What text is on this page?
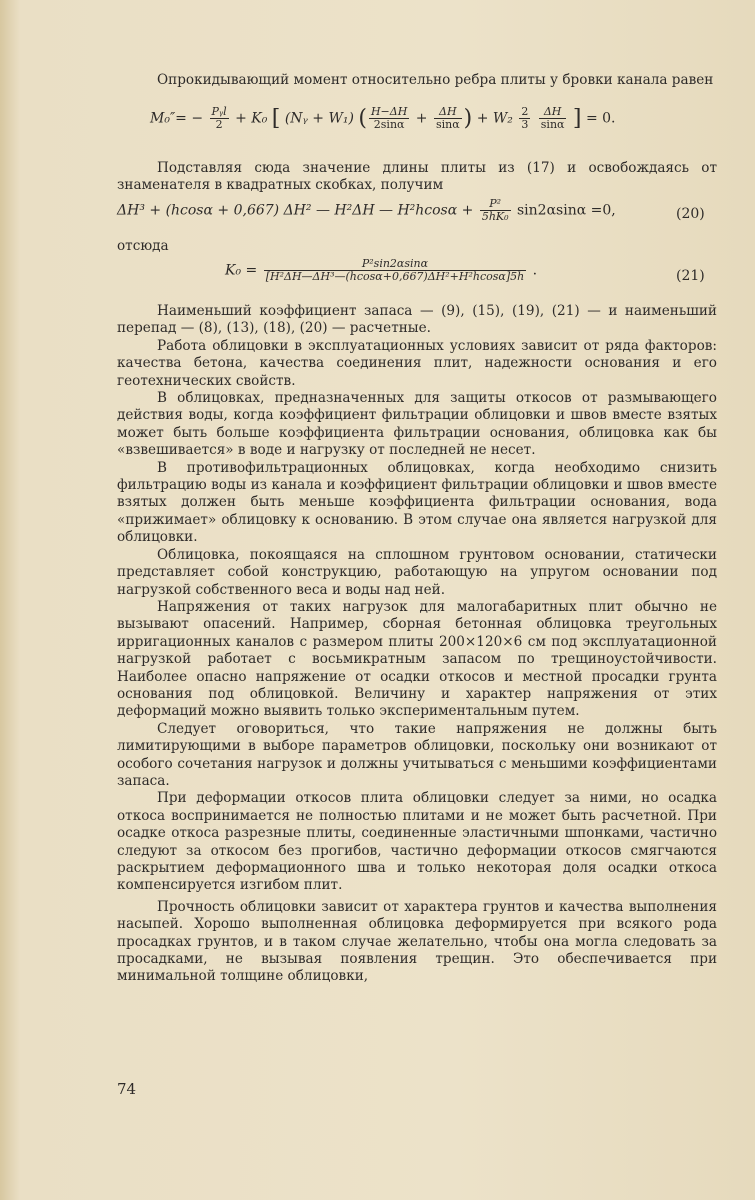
Опрокидывающий момент относительно ребра плиты у бровки канала равен

$M_0''= - \frac{\text{Pᵧl}}{2} + K_0$ [ (Nᵧ + W₁) ( $\frac{H-\Delta H}{2\sin\alpha} + \frac{\Delta H}{\sin\alpha}$ ) + $W_2 \frac{2}{3}$
$\frac{\Delta H}{\sin\alpha}$ ] = 0.

Подставляя сюда значение длины плиты из (17) и освобождаясь от знаменателя в квадратных скобках, получим

ΔH³ + (hcosα + 0,667) ΔH² — H²ΔH — $H^2hcos\alpha + \frac{\text{P²}}{\text{5hK₀}} \sin 2\alpha\sin\alpha =0$,	(20)
отсюда
$K_0 = \frac{\text{P²sin2αsinα}}{\text{[H²ΔH—ΔH³—(hcosα+0,667)ΔH²+H²hcosα]5h}}$ .	(21)

Наименьший коэффициент запаса — (9), (15), (19), (21) — и наименьший перепад — (8), (13), (18), (20) — расчетные.

Работа облицовки в эксплуатационных условиях зависит от ряда факторов: качества бетона, качества соединения плит, надежности основания и его геотехнических свойств.

В облицовках, предназначенных для защиты откосов от размывающего действия воды, когда коэффициент фильтрации облицовки и швов вместе взятых может быть больше коэффициента фильтрации основания, облицовка как бы «взвешивается» в воде и нагрузку от последней не несет.

В противофильтрационных облицовках, когда необходимо снизить фильтрацию воды из канала и коэффициент фильтрации облицовки и швов вместе взятых должен быть меньше коэффициента фильтрации основания, вода «прижимает» облицовку к основанию. В этом случае она является нагрузкой для облицовки.

Облицовка, покоящаяся на сплошном грунтовом основании, статически представляет собой конструкцию, работающую на упругом основании под нагрузкой собственного веса и воды над ней.

Напряжения от таких нагрузок для малогабаритных плит обычно не вызывают опасений. Например, сборная бетонная облицовка треугольных ирригационных каналов с размером плиты 200×120×6 см под эксплуатационной нагрузкой работает с восьмикратным запасом по трещиноустойчивости. Наиболее опасно напряжение от осадки откосов и местной просадки грунта основания под облицовкой. Величину и характер напряжения от этих деформаций можно выявить только экспериментальным путем.

Следует оговориться, что такие напряжения не должны быть лимитирующими в выборе параметров облицовки, поскольку они возникают от особого сочетания нагрузок и должны учитываться с меньшими коэффициентами запаса.

При деформации откосов плита облицовки следует за ними, но осадка откоса воспринимается не полностью плитами и не может быть расчетной. При осадке откоса разрезные плиты, соединенные эластичными шпонками, частично следуют за откосом без прогибов, частично деформации откосов смягчаются раскрытием деформационного шва и только некоторая доля осадки откоса компенсируется изгибом плит.

Прочность облицовки зависит от характера грунтов и качества выполнения насыпей. Хорошо выполненная облицовка деформируется при всякого рода просадках грунтов, и в таком случае желательно, чтобы она могла следовать за просадками, не вызывая появления трещин. Это обеспечивается при минимальной толщине облицовки,

74
